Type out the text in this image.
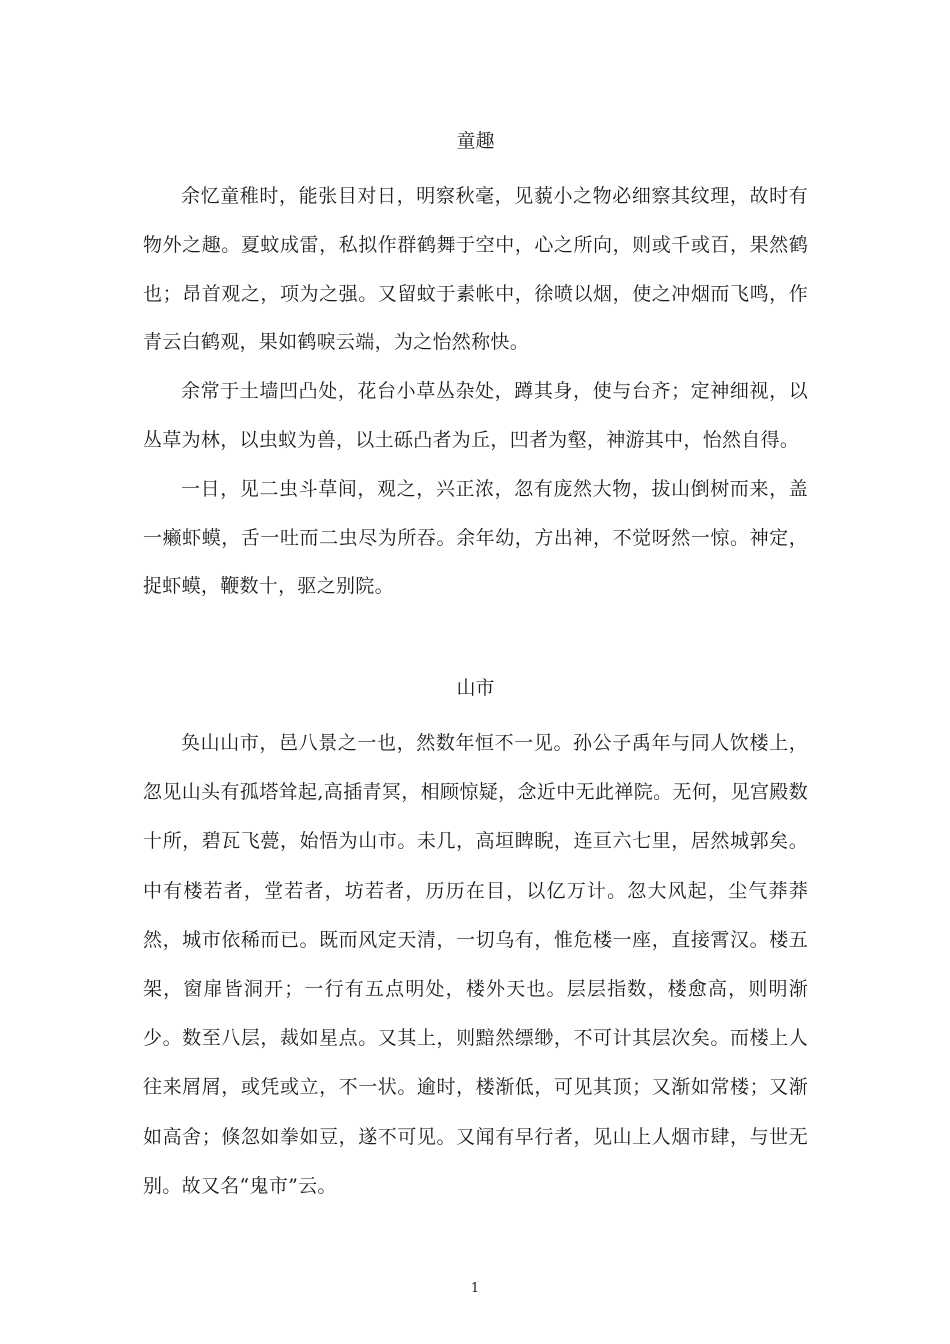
童趣

余忆童稚时，能张目对日，明察秋毫，见藐小之物必细察其纹理，故时有物外之趣。夏蚊成雷，私拟作群鹤舞于空中，心之所向，则或千或百，果然鹤也；昂首观之，项为之强。又留蚊于素帐中，徐喷以烟，使之冲烟而飞鸣，作青云白鹤观，果如鹤唳云端，为之怡然称快。

余常于土墙凹凸处，花台小草丛杂处，蹲其身，使与台齐；定神细视，以丛草为林，以虫蚁为兽，以土砾凸者为丘，凹者为壑，神游其中，怡然自得。

一日，见二虫斗草间，观之，兴正浓，忽有庞然大物，拔山倒树而来，盖一癞虾蟆，舌一吐而二虫尽为所吞。余年幼，方出神，不觉呀然一惊。神定，捉虾蟆，鞭数十，驱之别院。

山市

奂山山市，邑八景之一也，然数年恒不一见。孙公子禹年与同人饮楼上，忽见山头有孤塔耸起,高插青冥，相顾惊疑，念近中无此禅院。无何，见宫殿数十所，碧瓦飞甍，始悟为山市。未几，高垣睥睨，连亘六七里，居然城郭矣。中有楼若者，堂若者，坊若者，历历在目，以亿万计。忽大风起，尘气莽莽然，城市依稀而已。既而风定天清，一切乌有，惟危楼一座，直接霄汉。楼五架，窗扉皆洞开；一行有五点明处，楼外天也。层层指数，楼愈高，则明渐少。数至八层，裁如星点。又其上，则黯然缥缈，不可计其层次矣。而楼上人往来屑屑，或凭或立，不一状。逾时，楼渐低，可见其顶；又渐如常楼；又渐如高舍；倏忽如拳如豆，遂不可见。又闻有早行者，见山上人烟市肆，与世无别。故又名“鬼市”云。

1
